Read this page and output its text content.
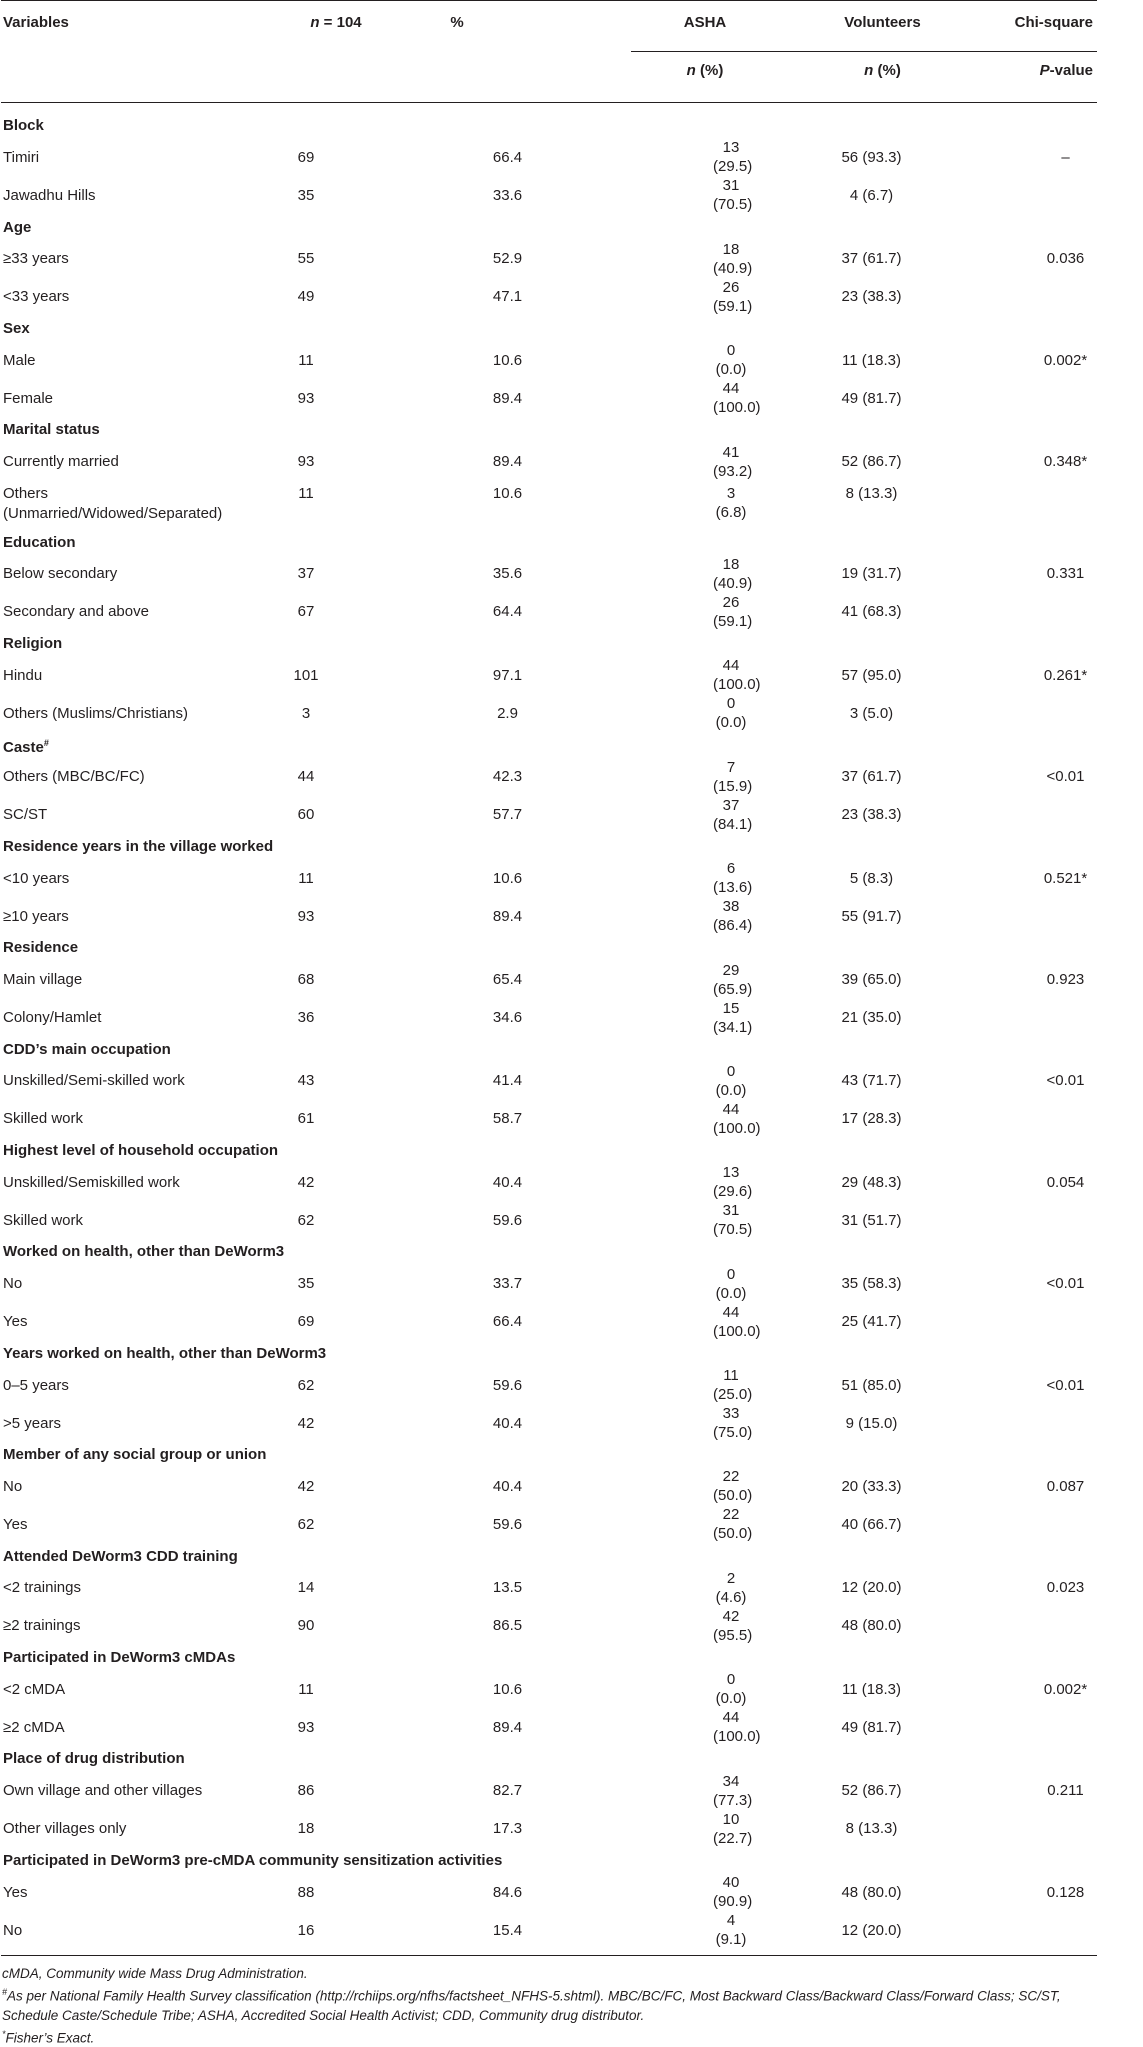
Variables	n = 104	%	ASHA	Volunteers	Chi-square
			n (%)	n (%)	P-value
Block					

Timiri	69	66.4	13 (29.5)	56 (93.3)	–

Jawadhu Hills	35	33.6	31 (70.5)	4 (6.7)	
Age					

≥33 years	55	52.9	18 (40.9)	37 (61.7)	0.036

<33 years	49	47.1	26 (59.1)	23 (38.3)	
Sex					

Male	11	10.6	0 (0.0)	11 (18.3)	0.002*

Female	93	89.4	44 (100.0)	49 (81.7)	
Marital status					

Currently married	93	89.4	41 (93.2)	52 (86.7)	0.348*

Others
(Unmarried/Widowed/Separated)	11	10.6	3 (6.8)	8 (13.3)	
Education					

Below secondary	37	35.6	18 (40.9)	19 (31.7)	0.331

Secondary and above	67	64.4	26 (59.1)	41 (68.3)	
Religion					

Hindu	101	97.1	44 (100.0)	57 (95.0)	0.261*

Others (Muslims/Christians)	3	2.9	0 (0.0)	3 (5.0)	
Caste#

Others (MBC/BC/FC)	44	42.3	7 (15.9)	37 (61.7)	<0.01

SC/ST	60	57.7	37 (84.1)	23 (38.3)	
Residence years in the village worked					

<10 years	11	10.6	6 (13.6)	5 (8.3)	0.521*

≥10 years	93	89.4	38 (86.4)	55 (91.7)	
Residence					

Main village	68	65.4	29 (65.9)	39 (65.0)	0.923

Colony/Hamlet	36	34.6	15 (34.1)	21 (35.0)	
CDD’s main occupation					

Unskilled/Semi-skilled work	43	41.4	0 (0.0)	43 (71.7)	<0.01

Skilled work	61	58.7	44 (100.0)	17 (28.3)	
Highest level of household occupation					

Unskilled/Semiskilled work	42	40.4	13 (29.6)	29 (48.3)	0.054

Skilled work	62	59.6	31 (70.5)	31 (51.7)	
Worked on health, other than DeWorm3					

No	35	33.7	0 (0.0)	35 (58.3)	<0.01

Yes	69	66.4	44 (100.0)	25 (41.7)	
Years worked on health, other than DeWorm3					

0–5 years	62	59.6	11 (25.0)	51 (85.0)	<0.01

>5 years	42	40.4	33 (75.0)	9 (15.0)	
Member of any social group or union					

No	42	40.4	22 (50.0)	20 (33.3)	0.087

Yes	62	59.6	22 (50.0)	40 (66.7)	
Attended DeWorm3 CDD training					

<2 trainings	14	13.5	2 (4.6)	12 (20.0)	0.023

≥2 trainings	90	86.5	42 (95.5)	48 (80.0)	
Participated in DeWorm3 cMDAs					

<2 cMDA	11	10.6	0 (0.0)	11 (18.3)	0.002*

≥2 cMDA	93	89.4	44 (100.0)	49 (81.7)	
Place of drug distribution					

Own village and other villages	86	82.7	34 (77.3)	52 (86.7)	0.211

Other villages only	18	17.3	10 (22.7)	8 (13.3)	
Participated in DeWorm3 pre-cMDA community sensitization activities					

Yes	88	84.6	40 (90.9)	48 (80.0)	0.128

No	16	15.4	4 (9.1)	12 (20.0)	

cMDA, Community wide Mass Drug Administration.

#As per National Family Health Survey classification (http://rchiips.org/nfhs/factsheet_NFHS-5.shtml). MBC/BC/FC, Most Backward Class/Backward Class/Forward Class; SC/ST, Schedule Caste/Schedule Tribe; ASHA, Accredited Social Health Activist; CDD, Community drug distributor.

*Fisher’s Exact.
